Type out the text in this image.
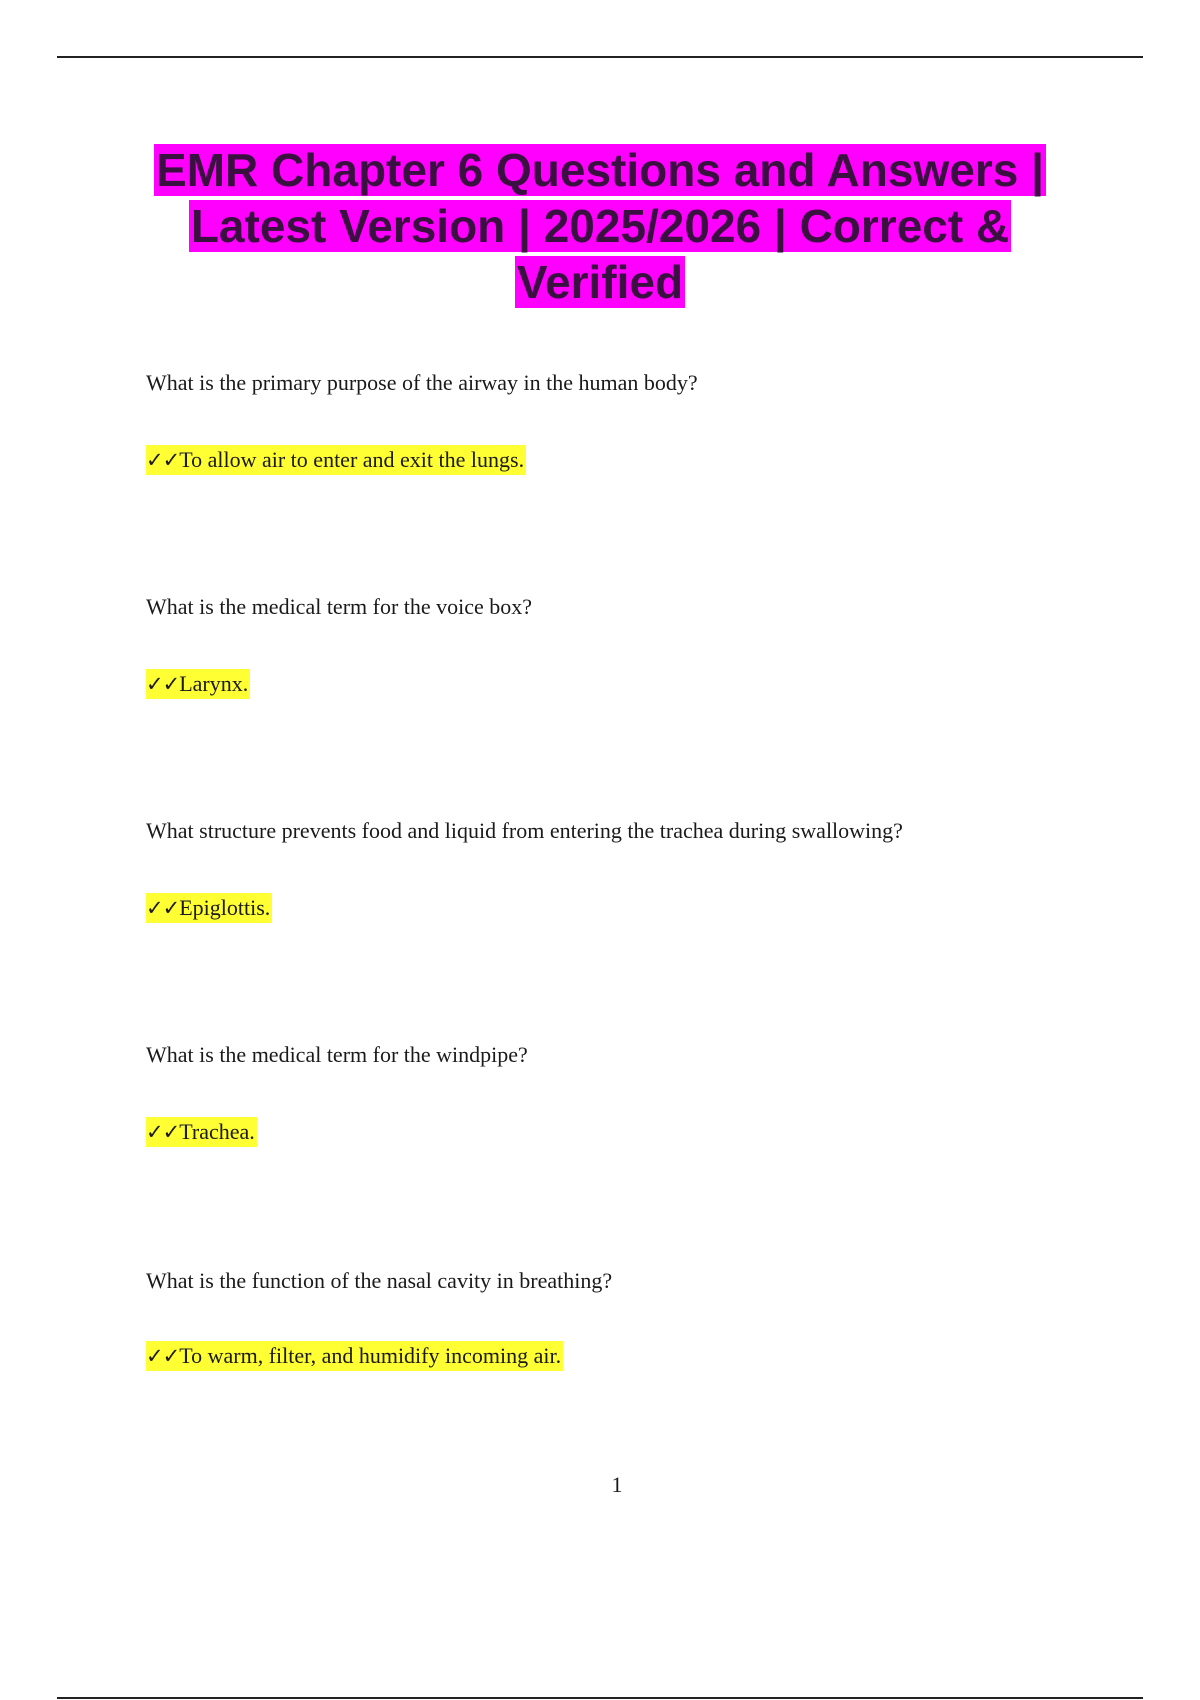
EMR Chapter 6 Questions and Answers | Latest Version | 2025/2026 | Correct & Verified

What is the primary purpose of the airway in the human body?

✓✓To allow air to enter and exit the lungs.

What is the medical term for the voice box?

✓✓Larynx.

What structure prevents food and liquid from entering the trachea during swallowing?

✓✓Epiglottis.

What is the medical term for the windpipe?

✓✓Trachea.

What is the function of the nasal cavity in breathing?

✓✓To warm, filter, and humidify incoming air.

1
